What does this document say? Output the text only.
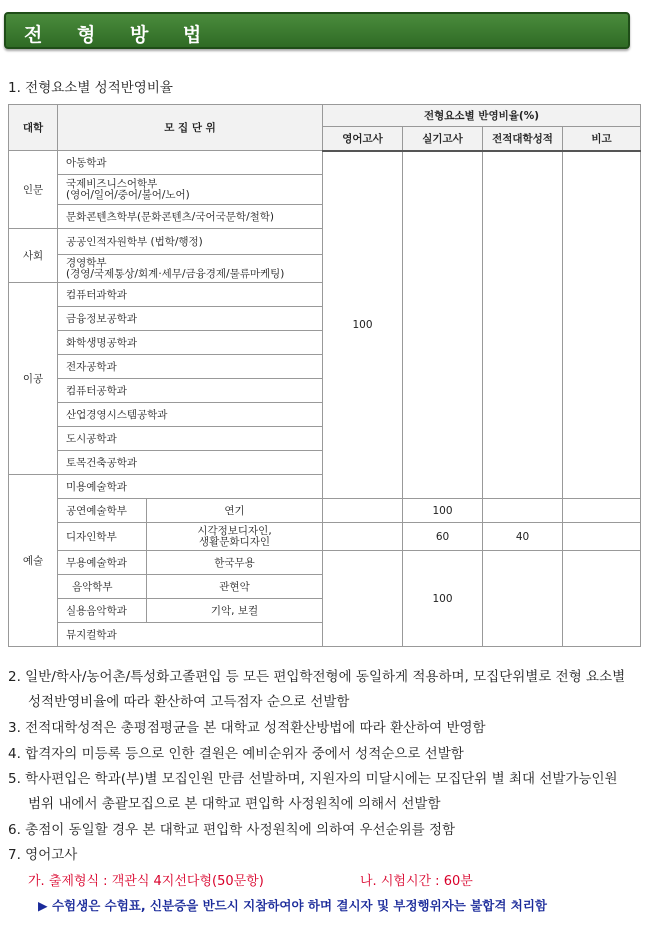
전 형 방 법
1. 전형요소별 성적반영비율
대학	모 집 단 위		전형요소별 반영비율(%)			
			영어고사	실기고사	전적대학성적	비고
인문	아동학과		100			
	국제비즈니스어학부
(영어/일어/중어/불어/노어)					
	문화콘텐츠학부(문화콘텐츠/국어국문학/철학)					
사회	공공인적자원학부 (법학/행정)					
	경영학부
(경영/국제통상/회계·세무/금융경제/물류마케팅)					
이공	컴퓨터과학과					
	금융정보공학과					
	화학생명공학과					
	전자공학과					
	컴퓨터공학과					
	산업경영시스템공학과					
	도시공학과					
	토목건축공학과					
예술	미용예술학과					
	공연예술학부	연기		100		
	디자인학부	시각정보디자인,
생활문화디자인		60	40	
	무용예술학과	한국무용		100		
	음악학부	관현악				
	실용음악학과	기악, 보컬				
	뮤지컬학과					
2. 일반/학사/농어촌/특성화고졸편입 등 모든 편입학전형에 동일하게 적용하며, 모집단위별로 전형 요소별
성적반영비율에 따라 환산하여 고득점자 순으로 선발함
3. 전적대학성적은 총평점평균을 본 대학교 성적환산방법에 따라 환산하여 반영함
4. 합격자의 미등록 등으로 인한 결원은 예비순위자 중에서 성적순으로 선발함
5. 학사편입은 학과(부)별 모집인원 만큼 선발하며, 지원자의 미달시에는 모집단위 별 최대 선발가능인원
범위 내에서 총괄모집으로 본 대학교 편입학 사정원칙에 의해서 선발함
6. 총점이 동일할 경우 본 대학교 편입학 사정원칙에 의하여 우선순위를 정함
7. 영어고사
가. 출제형식 : 객관식 4지선다형(50문항)	나. 시험시간 : 60분
▶ 수험생은 수험표, 신분증을 반드시 지참하여야 하며 결시자 및 부정행위자는 불합격 처리함
